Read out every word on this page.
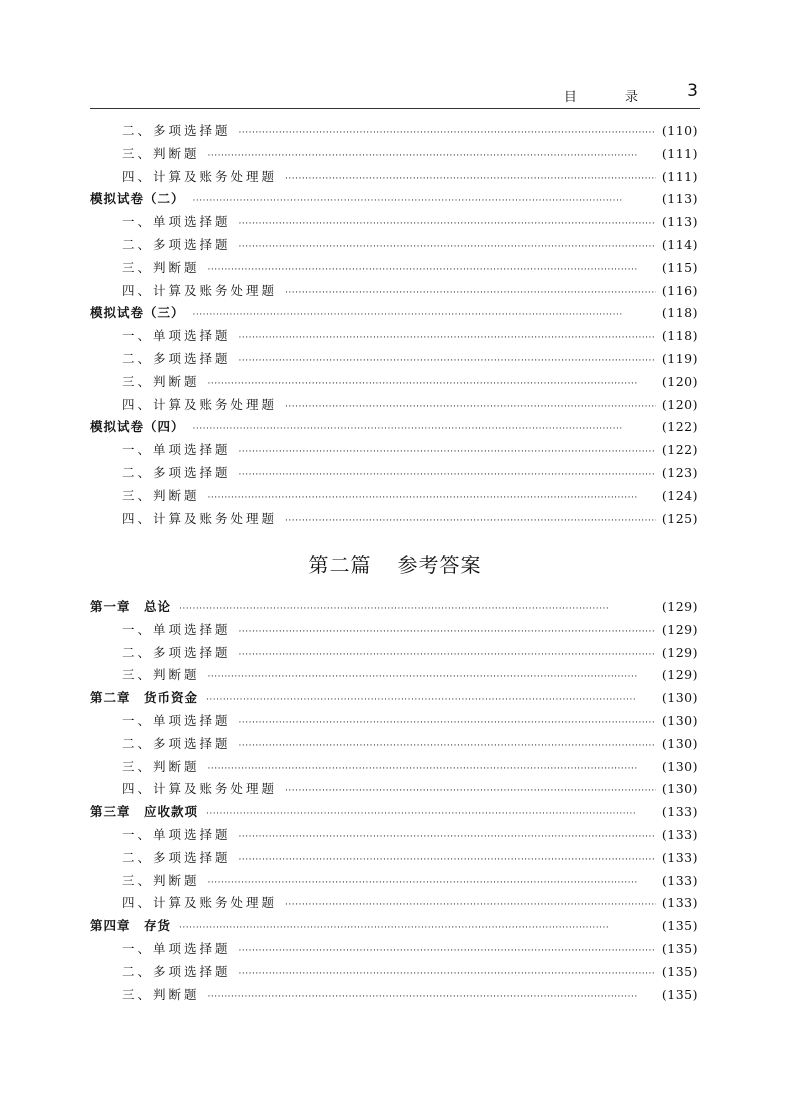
目 录 3
二、多项选择题 ·····	(110)
三、判断题 ·····	(111)
四、计算及账务处理题 ·····	(111)
模拟试卷（二） ·····	(113)
一、单项选择题 ·····	(113)
二、多项选择题 ·····	(114)
三、判断题 ·····	(115)
四、计算及账务处理题 ·····	(116)
模拟试卷（三） ·····	(118)
一、单项选择题 ·····	(118)
二、多项选择题 ·····	(119)
三、判断题 ·····	(120)
四、计算及账务处理题 ·····	(120)
模拟试卷（四） ·····	(122)
一、单项选择题 ·····	(122)
二、多项选择题 ·····	(123)
三、判断题 ·····	(124)
四、计算及账务处理题 ·····	(125)
第二篇 参考答案
第一章　总论 ·····	(129)
一、单项选择题 ·····	(129)
二、多项选择题 ·····	(129)
三、判断题 ·····	(129)
第二章　货币资金 ·····	(130)
一、单项选择题 ·····	(130)
二、多项选择题 ·····	(130)
三、判断题 ·····	(130)
四、计算及账务处理题 ·····	(130)
第三章　应收款项 ·····	(133)
一、单项选择题 ·····	(133)
二、多项选择题 ·····	(133)
三、判断题 ·····	(133)
四、计算及账务处理题 ·····	(133)
第四章　存货 ·····	(135)
一、单项选择题 ·····	(135)
二、多项选择题 ·····	(135)
三、判断题 ·····	(135)
